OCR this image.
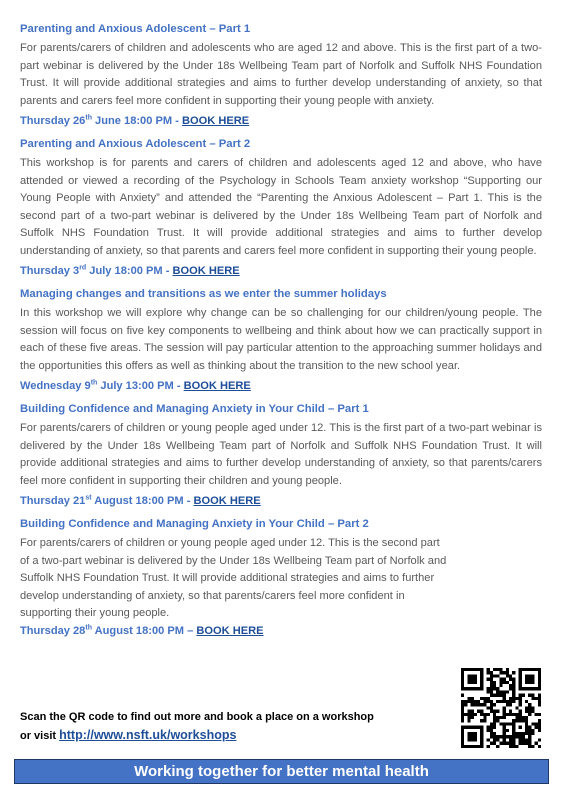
Parenting and Anxious Adolescent – Part 1

For parents/carers of children and adolescents who are aged 12 and above. This is the first part of a two-part webinar is delivered by the Under 18s Wellbeing Team part of Norfolk and Suffolk NHS Foundation Trust. It will provide additional strategies and aims to further develop understanding of anxiety, so that parents and carers feel more confident in supporting their young people with anxiety.

Thursday 26th June 18:00 PM - BOOK HERE
Parenting and Anxious Adolescent – Part 2

This workshop is for parents and carers of children and adolescents aged 12 and above, who have attended or viewed a recording of the Psychology in Schools Team anxiety workshop “Supporting our Young People with Anxiety” and attended the “Parenting the Anxious Adolescent – Part 1. This is the second part of a two-part webinar is delivered by the Under 18s Wellbeing Team part of Norfolk and Suffolk NHS Foundation Trust. It will provide additional strategies and aims to further develop understanding of anxiety, so that parents and carers feel more confident in supporting their young people.

Thursday 3rd July 18:00 PM - BOOK HERE
Managing changes and transitions as we enter the summer holidays

In this workshop we will explore why change can be so challenging for our children/young people. The session will focus on five key components to wellbeing and think about how we can practically support in each of these five areas. The session will pay particular attention to the approaching summer holidays and the opportunities this offers as well as thinking about the transition to the new school year.

Wednesday 9th July 13:00 PM - BOOK HERE
Building Confidence and Managing Anxiety in Your Child – Part 1

For parents/carers of children or young people aged under 12. This is the first part of a two-part webinar is delivered by the Under 18s Wellbeing Team part of Norfolk and Suffolk NHS Foundation Trust. It will provide additional strategies and aims to further develop understanding of anxiety, so that parents/carers feel more confident in supporting their children and young people.

Thursday 21st August 18:00 PM - BOOK HERE
Building Confidence and Managing Anxiety in Your Child – Part 2

For parents/carers of children or young people aged under 12. This is the second part of a two-part webinar is delivered by the Under 18s Wellbeing Team part of Norfolk and Suffolk NHS Foundation Trust. It will provide additional strategies and aims to further develop understanding of anxiety, so that parents/carers feel more confident in supporting their young people.

Thursday 28th August 18:00 PM – BOOK HERE

Scan the QR code to find out more and book a place on a workshop or visit http://www.nsft.uk/workshops

Working together for better mental health
